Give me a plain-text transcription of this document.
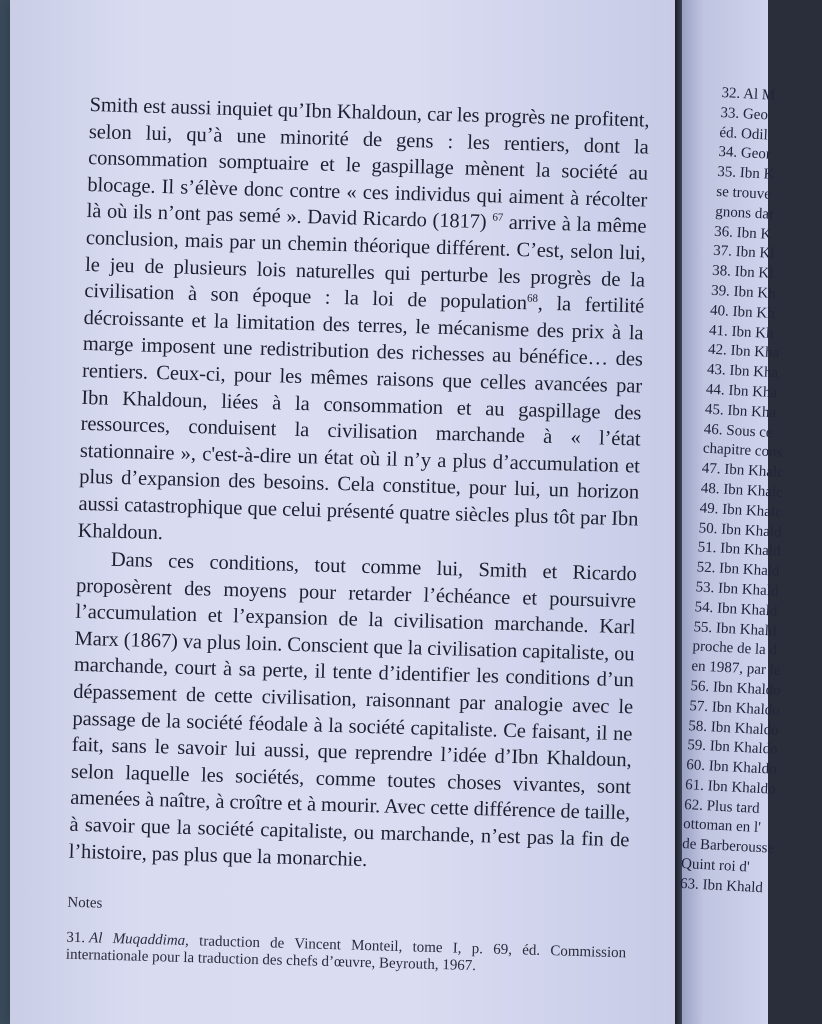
Smith est aussi inquiet qu’Ibn Khaldoun, car les progrès ne profitent, selon lui, qu’à une minorité de gens : les rentiers, dont la consommation somptuaire et le gaspillage mènent la société au blocage. Il s’élève donc contre « ces individus qui aiment à récolter là où ils n’ont pas semé ». David Ricardo (1817) $^{67}$ arrive à la même conclusion, mais par un chemin théorique différent. C’est, selon lui, le jeu de plusieurs lois naturelles qui perturbe les progrès de la civilisation à son époque : la loi de population$^{68}$, la fertilité décroissante et la limitation des terres, le mécanisme des prix à la marge imposent une redistribution des richesses au bénéfice… des rentiers. Ceux-ci, pour les mêmes raisons que celles avancées par Ibn Khaldoun, liées à la consommation et au gaspillage des ressources, conduisent la civilisation marchande à « l’état stationnaire », c'est-à-dire un état où il n’y a plus d’accumulation et plus d’expansion des besoins. Cela constitue, pour lui, un horizon aussi catastrophique que celui présenté quatre siècles plus tôt par Ibn Khaldoun.

Dans ces conditions, tout comme lui, Smith et Ricardo proposèrent des moyens pour retarder l’échéance et poursuivre l’accumulation et l’expansion de la civilisation marchande. Karl Marx (1867) va plus loin. Conscient que la civilisation capitaliste, ou marchande, court à sa perte, il tente d’identifier les conditions d’un dépassement de cette civilisation, raisonnant par analogie avec le passage de la société féodale à la société capitaliste. Ce faisant, il ne fait, sans le savoir lui aussi, que reprendre l’idée d’Ibn Khaldoun, selon laquelle les sociétés, comme toutes choses vivantes, sont amenées à naître, à croître et à mourir. Avec cette différence de taille, à savoir que la société capitaliste, ou marchande, n’est pas la fin de l’histoire, pas plus que la monarchie.

Notes
31. Al Muqaddima, traduction de Vincent Monteil, tome I, p. 69, éd. Commission internationale pour la traduction des chefs d’œuvre, Beyrouth, 1967.
32. Al M
33. Geo
éd. Odil
34. Geor
35. Ibn K
se trouve
gnons dar
36. Ibn K
37. Ibn Kl
38. Ibn Kl
39. Ibn Kh
40. Ibn Kh
41. Ibn Kh
42. Ibn Kha
43. Ibn Kha
44. Ibn Kha
45. Ibn Kha
46. Sous ce
chapitre cons
47. Ibn Khalc
48. Ibn Khalc
49. Ibn Khalc
50. Ibn Khald
51. Ibn Khald
52. Ibn Khald
53. Ibn Khald
54. Ibn Khald
55. Ibn Khald
proche de la d
en 1987, par le
56. Ibn Khaldo
57. Ibn Khaldo
58. Ibn Khaldo
59. Ibn Khaldo
60. Ibn Khaldo
61. Ibn Khaldo
62. Plus tard
ottoman en l'
de Barberousse
Quint roi d'
63. Ibn Khald
